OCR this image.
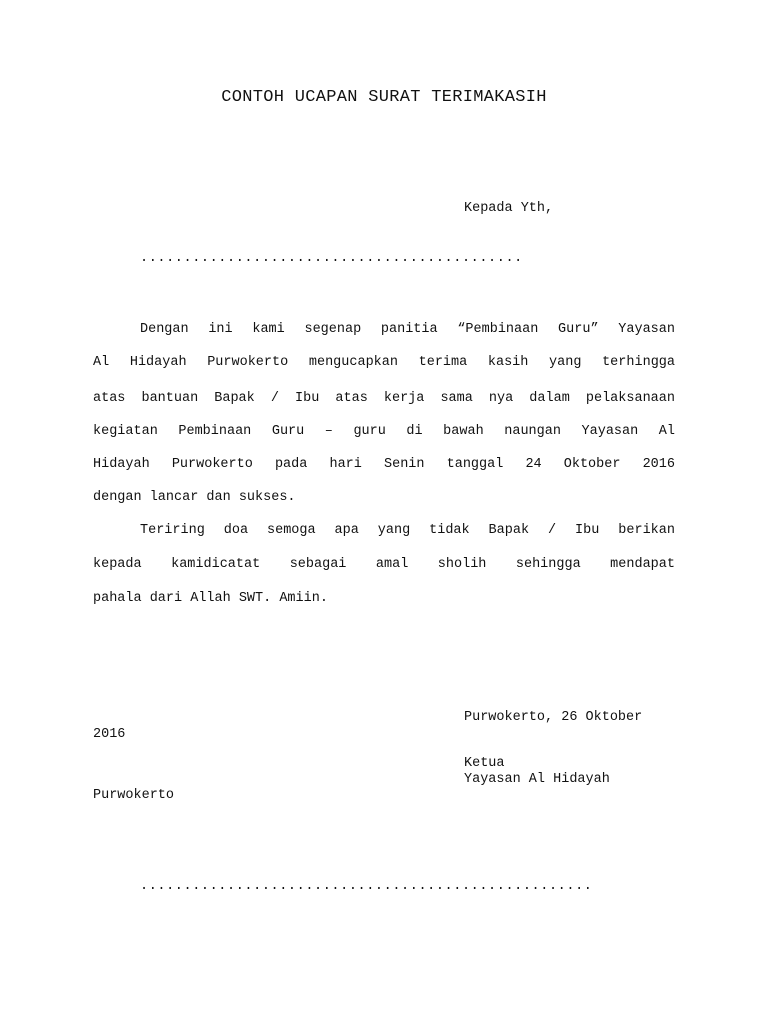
CONTOH UCAPAN SURAT TERIMAKASIH

Kepada Yth,

............................................

Dengan ini kami segenap panitia “Pembinaan Guru” Yayasan

Al Hidayah Purwokerto mengucapkan terima kasih yang terhingga

atas bantuan Bapak / Ibu atas kerja sama nya dalam pelaksanaan

kegiatan Pembinaan Guru – guru di bawah naungan Yayasan Al

Hidayah Purwokerto pada hari Senin tanggal 24 Oktober 2016

dengan lancar dan sukses.

Teriring doa semoga apa yang tidak Bapak / Ibu berikan

kepada kamidicatat sebagai amal sholih sehingga mendapat

pahala dari Allah SWT. Amiin.

Purwokerto, 26 Oktober

2016

Ketua

Yayasan Al Hidayah

Purwokerto

....................................................
